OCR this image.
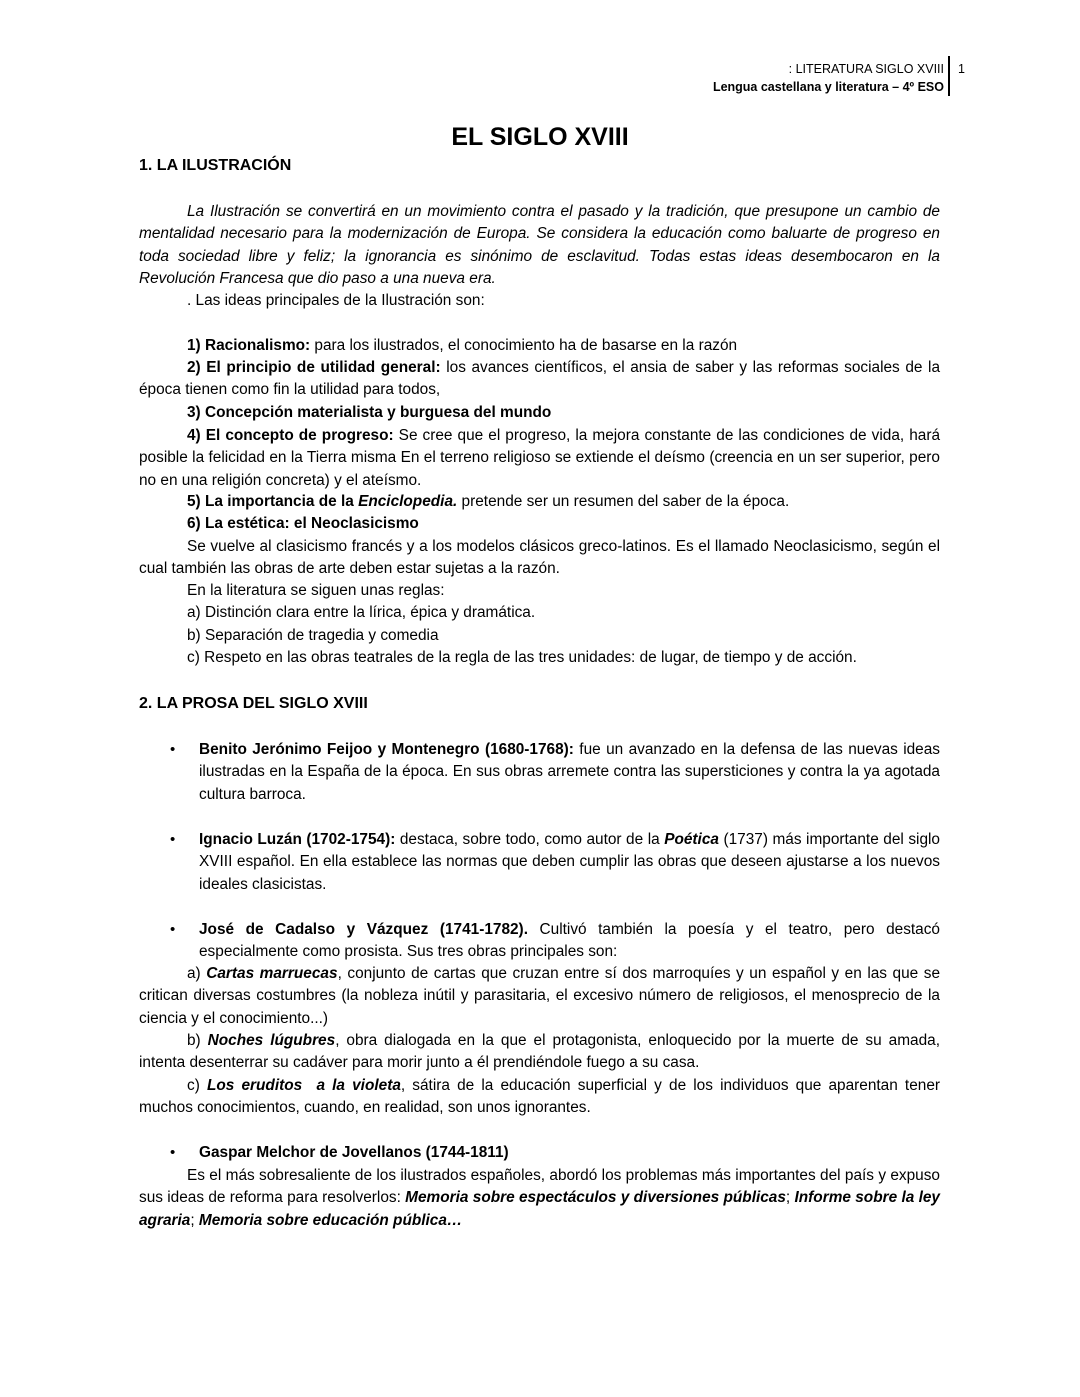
: LITERATURA SIGLO XVIII
Lengua castellana y literatura – 4º ESO
1
EL SIGLO XVIII
1. LA ILUSTRACIÓN

La Ilustración se convertirá en un movimiento contra el pasado y la tradición, que presupone un cambio de mentalidad necesario para la modernización de Europa. Se considera la educación como baluarte de progreso en toda sociedad libre y feliz; la ignorancia es sinónimo de esclavitud. Todas estas ideas desembocaron en la Revolución Francesa que dio paso a una nueva era.

. Las ideas principales de la Ilustración son:

1) Racionalismo: para los ilustrados, el conocimiento ha de basarse en la razón

2) El principio de utilidad general: los avances científicos, el ansia de saber y las reformas sociales de la época tienen como fin la utilidad para todos,

3) Concepción materialista y burguesa del mundo

4) El concepto de progreso: Se cree que el progreso, la mejora constante de las condiciones de vida, hará posible la felicidad en la Tierra misma En el terreno religioso se extiende el deísmo (creencia en un ser superior, pero no en una religión concreta) y el ateísmo.

5) La importancia de la Enciclopedia. pretende ser un resumen del saber de la época.

6) La estética: el Neoclasicismo

Se vuelve al clasicismo francés y a los modelos clásicos greco-latinos. Es el llamado Neoclasicismo, según el cual también las obras de arte deben estar sujetas a la razón.

En la literatura se siguen unas reglas:

a) Distinción clara entre la lírica, épica y dramática.

b) Separación de tragedia y comedia

c) Respeto en las obras teatrales de la regla de las tres unidades: de lugar, de tiempo y de acción.

2. LA PROSA DEL SIGLO XVIII
• Benito Jerónimo Feijoo y Montenegro (1680-1768): fue un avanzado en la defensa de las nuevas ideas ilustradas en la España de la época. En sus obras arremete contra las supersticiones y contra la ya agotada cultura barroca.

• Ignacio Luzán (1702-1754): destaca, sobre todo, como autor de la Poética (1737) más importante del siglo XVIII español. En ella establece las normas que deben cumplir las obras que deseen ajustarse a los nuevos ideales clasicistas.

• José de Cadalso y Vázquez (1741-1782). Cultivó también la poesía y el teatro, pero destacó especialmente como prosista. Sus tres obras principales son:

a) Cartas marruecas, conjunto de cartas que cruzan entre sí dos marroquíes y un español y en las que se critican diversas costumbres (la nobleza inútil y parasitaria, el excesivo número de religiosos, el menosprecio de la ciencia y el conocimiento...)

b) Noches lúgubres, obra dialogada en la que el protagonista, enloquecido por la muerte de su amada, intenta desenterrar su cadáver para morir junto a él prendiéndole fuego a su casa.

c) Los eruditos  a la violeta, sátira de la educación superficial y de los individuos que aparentan tener muchos conocimientos, cuando, en realidad, son unos ignorantes.

• Gaspar Melchor de Jovellanos (1744-1811)

Es el más sobresaliente de los ilustrados españoles, abordó los problemas más importantes del país y expuso sus ideas de reforma para resolverlos: Memoria sobre espectáculos y diversiones públicas; Informe sobre la ley agraria; Memoria sobre educación pública…
